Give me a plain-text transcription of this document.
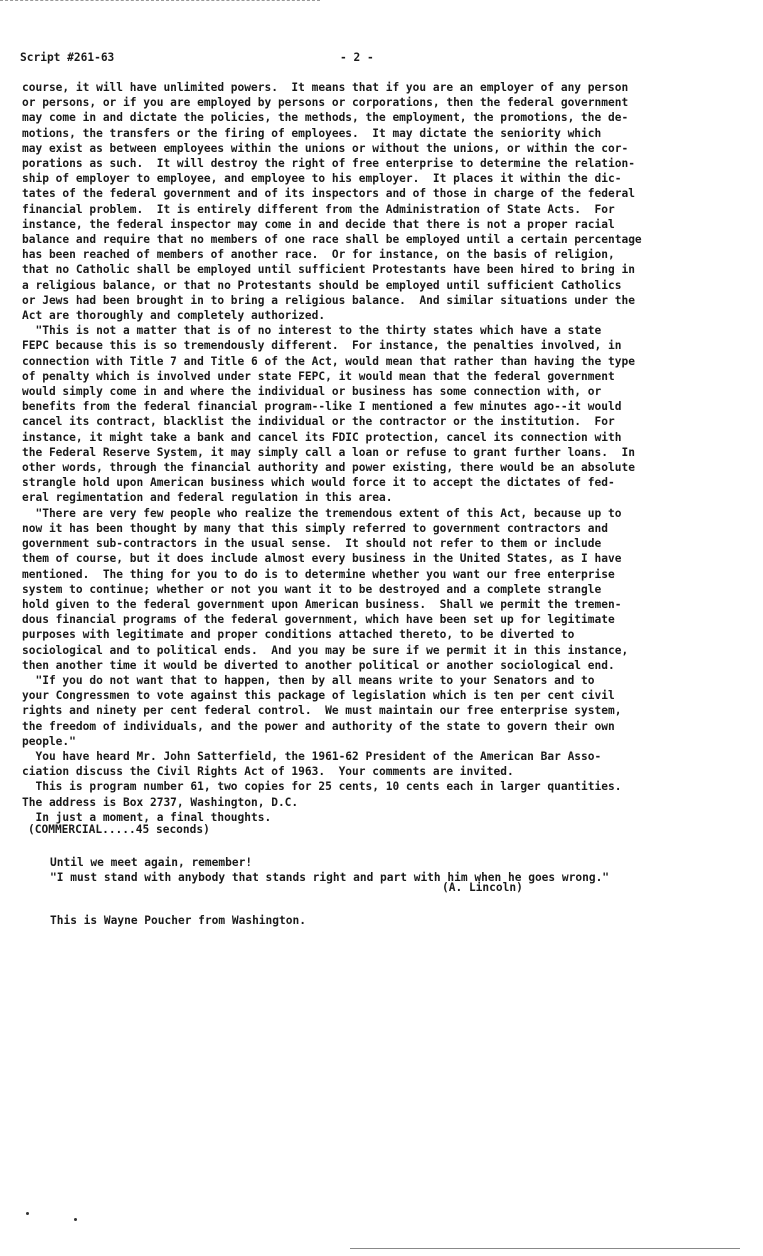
Script #261-63	- 2 -
course, it will have unlimited powers.  It means that if you are an employer of any person
or persons, or if you are employed by persons or corporations, then the federal government
may come in and dictate the policies, the methods, the employment, the promotions, the de-
motions, the transfers or the firing of employees.  It may dictate the seniority which
may exist as between employees within the unions or without the unions, or within the cor-
porations as such.  It will destroy the right of free enterprise to determine the relation-
ship of employer to employee, and employee to his employer.  It places it within the dic-
tates of the federal government and of its inspectors and of those in charge of the federal
financial problem.  It is entirely different from the Administration of State Acts.  For
instance, the federal inspector may come in and decide that there is not a proper racial
balance and require that no members of one race shall be employed until a certain percentage
has been reached of members of another race.  Or for instance, on the basis of religion,
that no Catholic shall be employed until sufficient Protestants have been hired to bring in
a religious balance, or that no Protestants should be employed until sufficient Catholics
or Jews had been brought in to bring a religious balance.  And similar situations under the
Act are thoroughly and completely authorized.
"This is not a matter that is of no interest to the thirty states which have a state
FEPC because this is so tremendously different.  For instance, the penalties involved, in
connection with Title 7 and Title 6 of the Act, would mean that rather than having the type
of penalty which is involved under state FEPC, it would mean that the federal government
would simply come in and where the individual or business has some connection with, or
benefits from the federal financial program--like I mentioned a few minutes ago--it would
cancel its contract, blacklist the individual or the contractor or the institution.  For
instance, it might take a bank and cancel its FDIC protection, cancel its connection with
the Federal Reserve System, it may simply call a loan or refuse to grant further loans.  In
other words, through the financial authority and power existing, there would be an absolute
strangle hold upon American business which would force it to accept the dictates of fed-
eral regimentation and federal regulation in this area.
"There are very few people who realize the tremendous extent of this Act, because up to
now it has been thought by many that this simply referred to government contractors and
government sub-contractors in the usual sense.  It should not refer to them or include
them of course, but it does include almost every business in the United States, as I have
mentioned.  The thing for you to do is to determine whether you want our free enterprise
system to continue; whether or not you want it to be destroyed and a complete strangle
hold given to the federal government upon American business.  Shall we permit the tremen-
dous financial programs of the federal government, which have been set up for legitimate
purposes with legitimate and proper conditions attached thereto, to be diverted to
sociological and to political ends.  And you may be sure if we permit it in this instance,
then another time it would be diverted to another political or another sociological end.
"If you do not want that to happen, then by all means write to your Senators and to
your Congressmen to vote against this package of legislation which is ten per cent civil
rights and ninety per cent federal control.  We must maintain our free enterprise system,
the freedom of individuals, and the power and authority of the state to govern their own
people."
You have heard Mr. John Satterfield, the 1961-62 President of the American Bar Asso-
ciation discuss the Civil Rights Act of 1963.  Your comments are invited.
This is program number 61, two copies for 25 cents, 10 cents each in larger quantities.
The address is Box 2737, Washington, D.C.
In just a moment, a final thoughts.
(COMMERCIAL.....45 seconds)
Until we meet again, remember!
"I must stand with anybody that stands right and part with him when he goes wrong."
(A. Lincoln)
This is Wayne Poucher from Washington.
